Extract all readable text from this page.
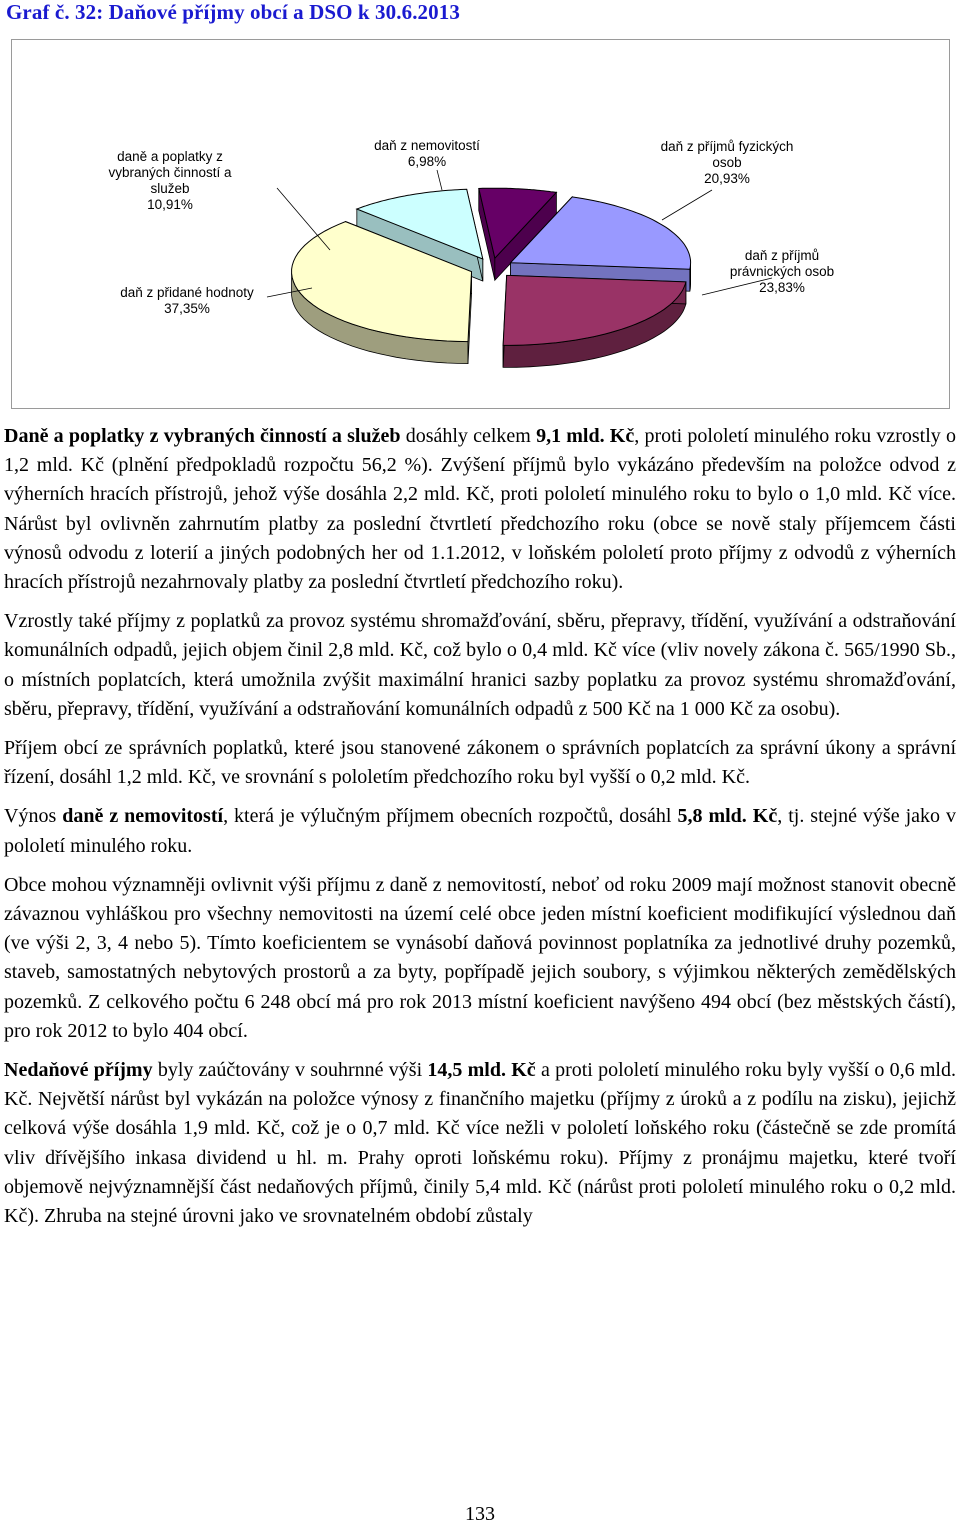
Graf č. 32: Daňové příjmy obcí a DSO k 30.6.2013
daně a poplatky z
vybraných činností a
služeb
10,91%
daň z nemovitostí
6,98%
daň z příjmů fyzických
osob
20,93%
daň z příjmů
právnických osob
23,83%
daň z přidané hodnoty
37,35%

Daně a poplatky z vybraných činností a služeb dosáhly celkem 9,1 mld. Kč, proti pololetí minulého roku vzrostly o 1,2 mld. Kč (plnění předpokladů rozpočtu 56,2 %). Zvýšení příjmů bylo vykázáno především na položce odvod z výherních hracích přístrojů, jehož výše dosáhla 2,2 mld. Kč, proti pololetí minulého roku to bylo o 1,0 mld. Kč více. Nárůst byl ovlivněn zahrnutím platby za poslední čtvrtletí předchozího roku (obce se nově staly příjemcem části výnosů odvodu z loterií a jiných podobných her od 1.1.2012, v loňském pololetí proto příjmy z odvodů z výherních hracích přístrojů nezahrnovaly platby za poslední čtvrtletí předchozího roku).

Vzrostly také příjmy z poplatků za provoz systému shromažďování, sběru, přepravy, třídění, využívání a odstraňování komunálních odpadů, jejich objem činil 2,8 mld. Kč, což bylo o 0,4 mld. Kč více (vliv novely zákona č. 565/1990 Sb., o místních poplatcích, která umožnila zvýšit maximální hranici sazby poplatku za provoz systému shromažďování, sběru, přepravy, třídění, využívání a odstraňování komunálních odpadů z 500 Kč na 1 000 Kč za osobu).

Příjem obcí ze správních poplatků, které jsou stanovené zákonem o správních poplatcích za správní úkony a správní řízení, dosáhl 1,2 mld. Kč, ve srovnání s pololetím předchozího roku byl vyšší o 0,2 mld. Kč.

Výnos daně z nemovitostí, která je výlučným příjmem obecních rozpočtů, dosáhl 5,8 mld. Kč, tj. stejné výše jako v pololetí minulého roku.

Obce mohou významněji ovlivnit výši příjmu z daně z nemovitostí, neboť od roku 2009 mají možnost stanovit obecně závaznou vyhláškou pro všechny nemovitosti na území celé obce jeden místní koeficient modifikující výslednou daň (ve výši 2, 3, 4 nebo 5). Tímto koeficientem se vynásobí daňová povinnost poplatníka za jednotlivé druhy pozemků, staveb, samostatných nebytových prostorů a za byty, popřípadě jejich soubory, s výjimkou některých zemědělských pozemků. Z celkového počtu 6 248 obcí má pro rok 2013 místní koeficient navýšeno 494 obcí (bez městských částí), pro rok 2012 to bylo 404 obcí.

Nedaňové příjmy byly zaúčtovány v souhrnné výši 14,5 mld. Kč a proti pololetí minulého roku byly vyšší o 0,6 mld. Kč. Největší nárůst byl vykázán na položce výnosy z finančního majetku (příjmy z úroků a z podílu na zisku), jejichž celková výše dosáhla 1,9 mld. Kč, což je o 0,7 mld. Kč více nežli v pololetí loňského roku (částečně se zde promítá vliv dřívějšího inkasa dividend u hl. m. Prahy oproti loňskému roku). Příjmy z pronájmu majetku, které tvoří objemově nejvýznamnější část nedaňových příjmů, činily 5,4 mld. Kč (nárůst proti pololetí minulého roku o 0,2 mld. Kč). Zhruba na stejné úrovni jako ve srovnatelném období zůstaly

133
